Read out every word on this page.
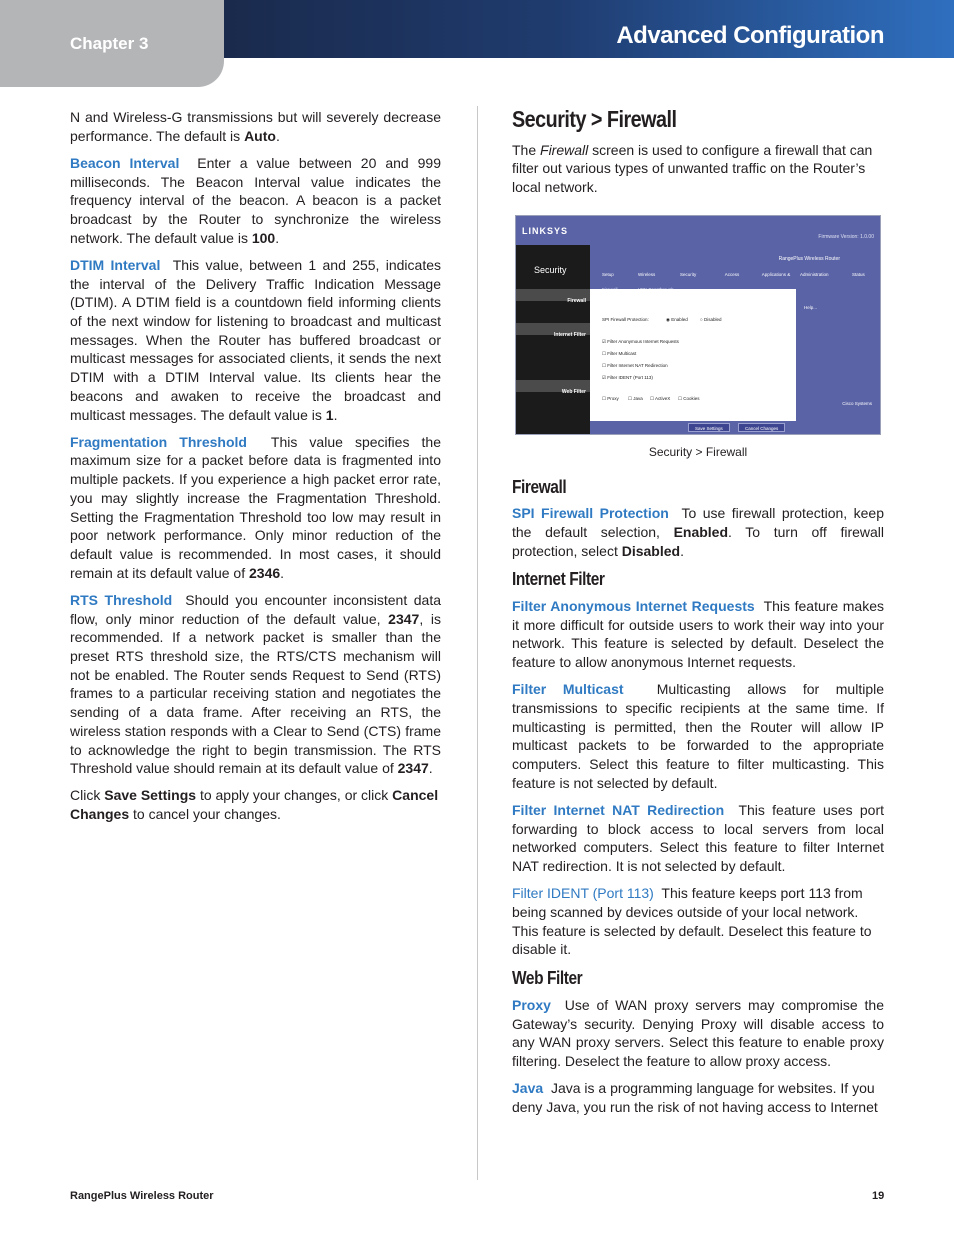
Chapter 3	Advanced Configuration

N and Wireless-G transmissions but will severely decrease performance. The default is Auto.

Beacon Interval Enter a value between 20 and 999 milliseconds. The Beacon Interval value indicates the frequency interval of the beacon. A beacon is a packet broadcast by the Router to synchronize the wireless network. The default value is 100.

DTIM Interval This value, between 1 and 255, indicates the interval of the Delivery Traffic Indication Message (DTIM). A DTIM field is a countdown field informing clients of the next window for listening to broadcast and multicast messages. When the Router has buffered broadcast or multicast messages for associated clients, it sends the next DTIM with a DTIM Interval value. Its clients hear the beacons and awaken to receive the broadcast and multicast messages. The default value is 1.

Fragmentation Threshold This value specifies the maximum size for a packet before data is fragmented into multiple packets. If you experience a high packet error rate, you may slightly increase the Fragmentation Threshold. Setting the Fragmentation Threshold too low may result in poor network performance. Only minor reduction of the default value is recommended. In most cases, it should remain at its default value of 2346.

RTS Threshold Should you encounter inconsistent data flow, only minor reduction of the default value, 2347, is recommended. If a network packet is smaller than the preset RTS threshold size, the RTS/CTS mechanism will not be enabled. The Router sends Request to Send (RTS) frames to a particular receiving station and negotiates the sending of a data frame. After receiving an RTS, the wireless station responds with a Clear to Send (CTS) frame to acknowledge the right to begin transmission. The RTS Threshold value should remain at its default value of 2347.

Click Save Settings to apply your changes, or click Cancel Changes to cancel your changes.

Security > Firewall

The Firewall screen is used to configure a firewall that can filter out various types of unwanted traffic on the Router’s local network.

LINKSYS
Firmware Version: 1.0.00
Security
Firewall
Internet Filter
Web Filter
RangePlus Wireless Router
Setup	Wireless	Security	Access	Applications &	Administration	Status
SPI Firewall Protection:	◉ Enabled	○ Disabled
☑ Filter Anonymous Internet Requests
☐ Filter Multicast
☐ Filter Internet NAT Redirection
☑ Filter IDENT (Port 113)
☐ Proxy ☐ Java ☐ ActiveX ☐ Cookies
Help...
Cisco Systems
Save Settings	Cancel Changes
Security > Firewall
Firewall

SPI Firewall Protection To use firewall protection, keep the default selection, Enabled. To turn off firewall protection, select Disabled.

Internet Filter

Filter Anonymous Internet Requests This feature makes it more difficult for outside users to work their way into your network. This feature is selected by default. Deselect the feature to allow anonymous Internet requests.

Filter Multicast Multicasting allows for multiple transmissions to specific recipients at the same time. If multicasting is permitted, then the Router will allow IP multicast packets to be forwarded to the appropriate computers. Select this feature to filter multicasting. This feature is not selected by default.

Filter Internet NAT Redirection This feature uses port forwarding to block access to local servers from local networked computers. Select this feature to filter Internet NAT redirection. It is not selected by default.

Filter IDENT (Port 113) This feature keeps port 113 from being scanned by devices outside of your local network. This feature is selected by default. Deselect this feature to disable it.

Web Filter

Proxy Use of WAN proxy servers may compromise the Gateway’s security. Denying Proxy will disable access to any WAN proxy servers. Select this feature to enable proxy filtering. Deselect the feature to allow proxy access.

Java Java is a programming language for websites. If you deny Java, you run the risk of not having access to Internet

RangePlus Wireless Router	19
